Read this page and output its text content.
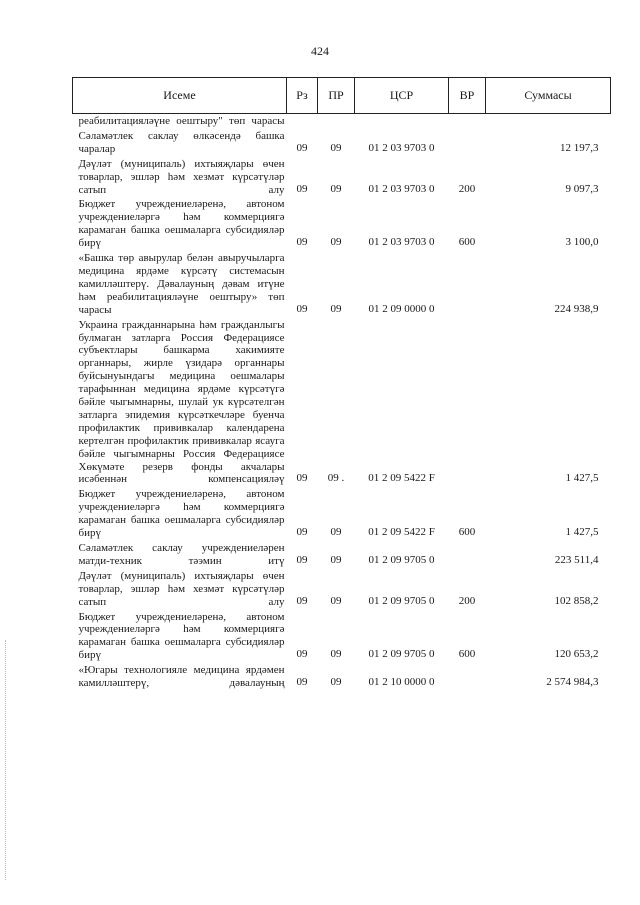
424
Исеме	Рз	ПР	ЦСР	ВР	Суммасы
реабилитацияләүне оештыру" төп чарасы					
Сәламәтлек саклау өлкәсендә башка чаралар	09	09	01 2 03 9703 0		12 197,3
Дәүләт (муниципаль) ихтыяҗлары өчен товарлар, эшләр һәм хезмәт күрсәтүләр сатып алу	09	09	01 2 03 9703 0	200	9 097,3
Бюджет учреждениеләренә, автоном учреждениеләргә һәм коммерциягә карамаган башка оешмаларга субсидияләр бирү	09	09	01 2 03 9703 0	600	3 100,0
«Башка төр авырулар белән авыручыларга медицина ярдәме күрсәтү системасын камилләштерү. Дәвалауның дәвам итүне һәм реабилитацияләүне оештыру» төп чарасы	09	09	01 2 09 0000 0		224 938,9
Украина гражданнарына һәм гражданлыгы булмаган затларга Россия Федерациясе субъектлары башкарма хакимияте органнары, жирле үзидарә органнары буйсынуындагы медицина оешмалары тарафыннан медицина ярдәме күрсәтүгә бәйле чыгымнарны, шулай ук күрсәтелгән затларга эпидемия күрсәткечләре буенча профилактик прививкалар календарена кертелгән профилактик прививкалар ясауга бәйле чыгымнарны Россия Федерациясе Хөкүмәте резерв фонды акчалары исәбеннән компенсацияләү	09	09 .	01 2 09 5422 F		1 427,5
Бюджет учреждениеләренә, автоном учреждениеләргә һәм коммерциягә карамаган башка оешмаларга субсидияләр бирү	09	09	01 2 09 5422 F	600	1 427,5
Сәламәтлек саклау учреждениеләрен матди-техник тәэмин итү	09	09	01 2 09 9705 0		223 511,4
Дәүләт (муниципаль) ихтыяҗлары өчен товарлар, эшләр һәм хезмәт күрсәтүләр сатып алу	09	09	01 2 09 9705 0	200	102 858,2
Бюджет учреждениеләренә, автоном учреждениеләргә һәм коммерциягә карамаган башка оешмаларга субсидияләр бирү	09	09	01 2 09 9705 0	600	120 653,2
«Югары технологияле медицина ярдәмен камилләштерү, дәвалауның	09	09	01 2 10 0000 0		2 574 984,3
